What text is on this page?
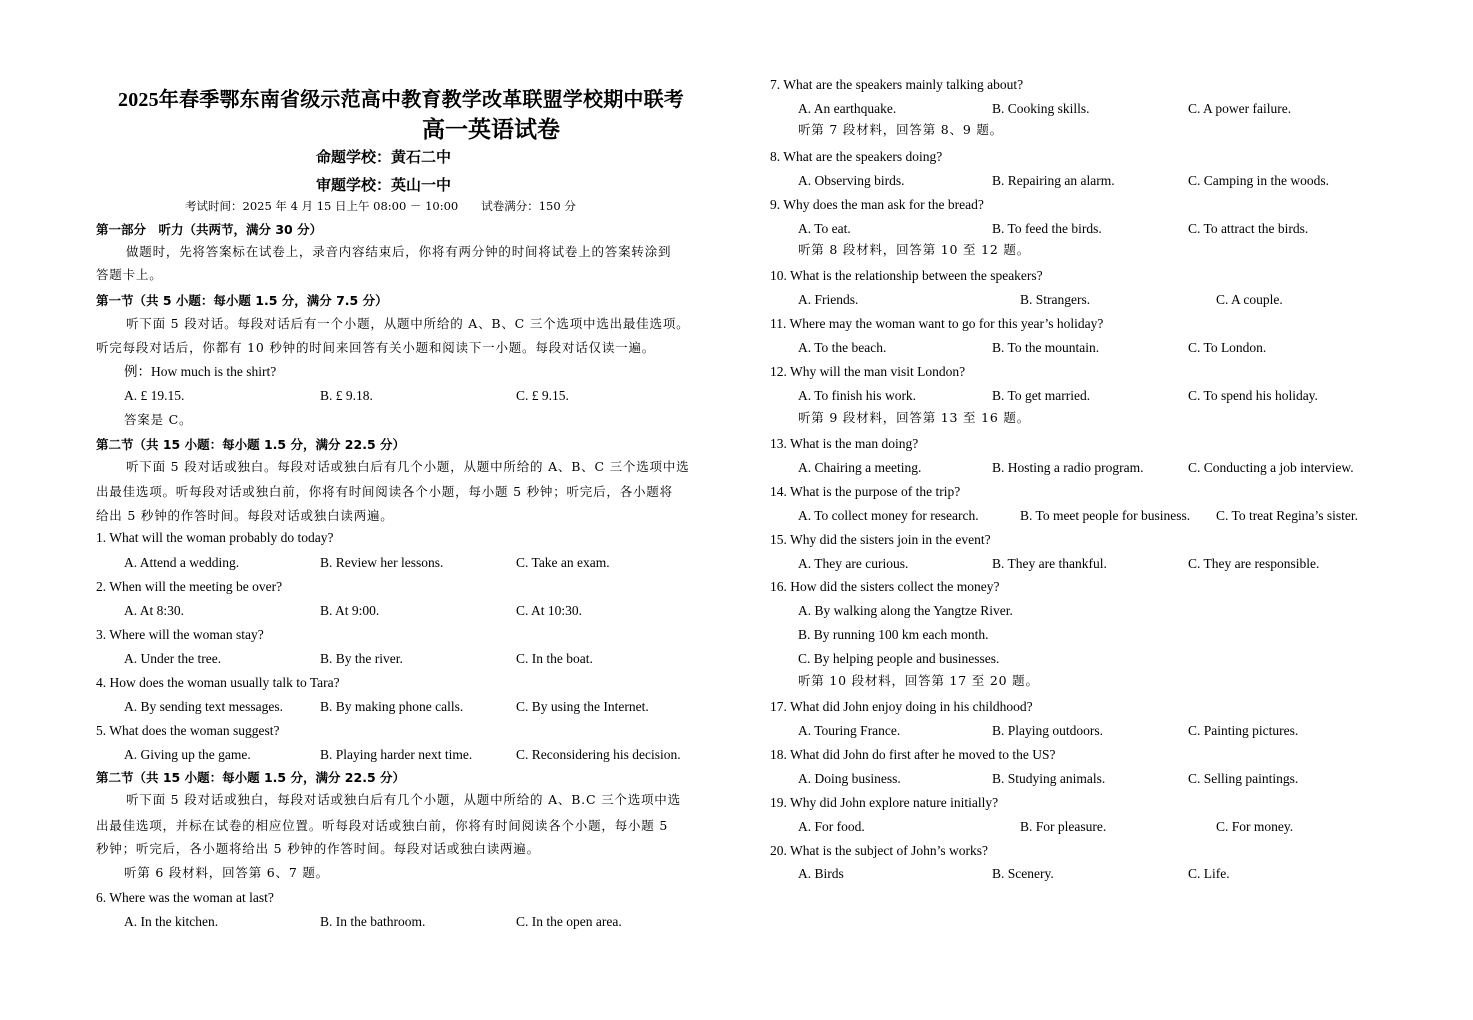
2025年春季鄂东南省级示范高中教育教学改革联盟学校期中联考
高一英语试卷
命题学校：黄石二中
审题学校：英山一中
考试时间：2025 年 4 月 15 日上午 08:00 － 10:00　　试卷满分：150 分
第一部分　听力（共两节，满分 30 分）
做题时，先将答案标在试卷上，录音内容结束后，你将有两分钟的时间将试卷上的答案转涂到
答题卡上。
第一节（共 5 小题：每小题 1.5 分，满分 7.5 分）
听下面 5 段对话。每段对话后有一个小题，从题中所给的 A、B、C 三个选项中选出最佳选项。
听完每段对话后，你都有 10 秒钟的时间来回答有关小题和阅读下一小题。每段对话仅读一遍。
例：How much is the shirt?
A. £ 19.15.	B. £ 9.18.	C. £ 9.15.
答案是 C。
第二节（共 15 小题：每小题 1.5 分，满分 22.5 分）
听下面 5 段对话或独白。每段对话或独白后有几个小题，从题中所给的 A、B、C 三个选项中选
出最佳选项。听每段对话或独白前，你将有时间阅读各个小题，每小题 5 秒钟；听完后，各小题将
给出 5 秒钟的作答时间。每段对话或独白读两遍。
1. What will the woman probably do today?
A. Attend a wedding.	B. Review her lessons.	C. Take an exam.
2. When will the meeting be over?
A. At 8:30.	B. At 9:00.	C. At 10:30.
3. Where will the woman stay?
A. Under the tree.	B. By the river.	C. In the boat.
4. How does the woman usually talk to Tara?
A. By sending text messages.	B. By making phone calls.	C. By using the Internet.
5. What does the woman suggest?
A. Giving up the game.	B. Playing harder next time.	C. Reconsidering his decision.
第二节（共 15 小题：每小题 1.5 分，满分 22.5 分）
听下面 5 段对话或独白，每段对话或独白后有几个小题，从题中所给的 A、B.C 三个选项中选
出最佳选项，并标在试卷的相应位置。听每段对话或独白前，你将有时间阅读各个小题，每小题 5
秒钟；听完后，各小题将给出 5 秒钟的作答时间。每段对话或独白读两遍。
听第 6 段材料，回答第 6、7 题。
6. Where was the woman at last?
A. In the kitchen.	B. In the bathroom.	C. In the open area.
7. What are the speakers mainly talking about?
A. An earthquake.	B. Cooking skills.	C. A power failure.
听第 7 段材料，回答第 8、9 题。
8. What are the speakers doing?
A. Observing birds.	B. Repairing an alarm.	C. Camping in the woods.
9. Why does the man ask for the bread?
A. To eat.	B. To feed the birds.	C. To attract the birds.
听第 8 段材料，回答第 10 至 12 题。
10. What is the relationship between the speakers?
A. Friends.	B. Strangers.	C. A couple.
11. Where may the woman want to go for this year’s holiday?
A. To the beach.	B. To the mountain.	C. To London.
12. Why will the man visit London?
A. To finish his work.	B. To get married.	C. To spend his holiday.
听第 9 段材料，回答第 13 至 16 题。
13. What is the man doing?
A. Chairing a meeting.	B. Hosting a radio program.	C. Conducting a job interview.
14. What is the purpose of the trip?
A. To collect money for research.	B. To meet people for business. C. To treat Regina’s sister.
15. Why did the sisters join in the event?
A. They are curious.	B. They are thankful.	C. They are responsible.
16. How did the sisters collect the money?
A. By walking along the Yangtze River.
B. By running 100 km each month.
C. By helping people and businesses.
听第 10 段材料，回答第 17 至 20 题。
17. What did John enjoy doing in his childhood?
A. Touring France.	B. Playing outdoors.	C. Painting pictures.
18. What did John do first after he moved to the US?
A. Doing business.	B. Studying animals.	C. Selling paintings.
19. Why did John explore nature initially?
A. For food.	B. For pleasure.	C. For money.
20. What is the subject of John’s works?
A. Birds	B. Scenery.	C. Life.
